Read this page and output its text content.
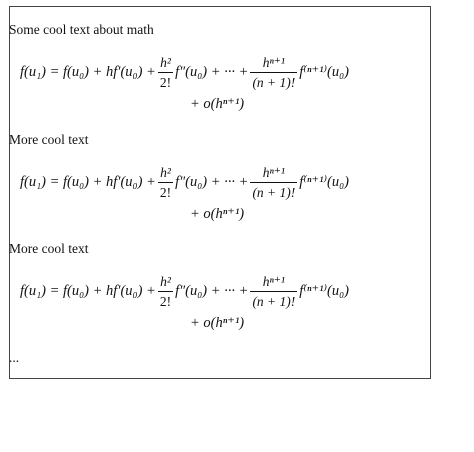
Some cool text about math
$f(u_1) = f(u_0) + hf'(u_0) + \frac{\text{h²}}{2!} f''(u_0)$ + ··· + $\frac{\text{hⁿ⁺¹}}{(n + 1)!} f^{(n+1)}(u_0)$
+ o(hⁿ⁺¹)
More cool text
$f(u_1) = f(u_0) + hf'(u_0) + \frac{\text{h²}}{2!} f''(u_0)$ + ··· + $\frac{\text{hⁿ⁺¹}}{(n + 1)!} f^{(n+1)}(u_0)$
+ o(hⁿ⁺¹)
More cool text
$f(u_1) = f(u_0) + hf'(u_0) + \frac{\text{h²}}{2!} f''(u_0)$ + ··· + $\frac{\text{hⁿ⁺¹}}{(n + 1)!} f^{(n+1)}(u_0)$
+ o(hⁿ⁺¹)
...
